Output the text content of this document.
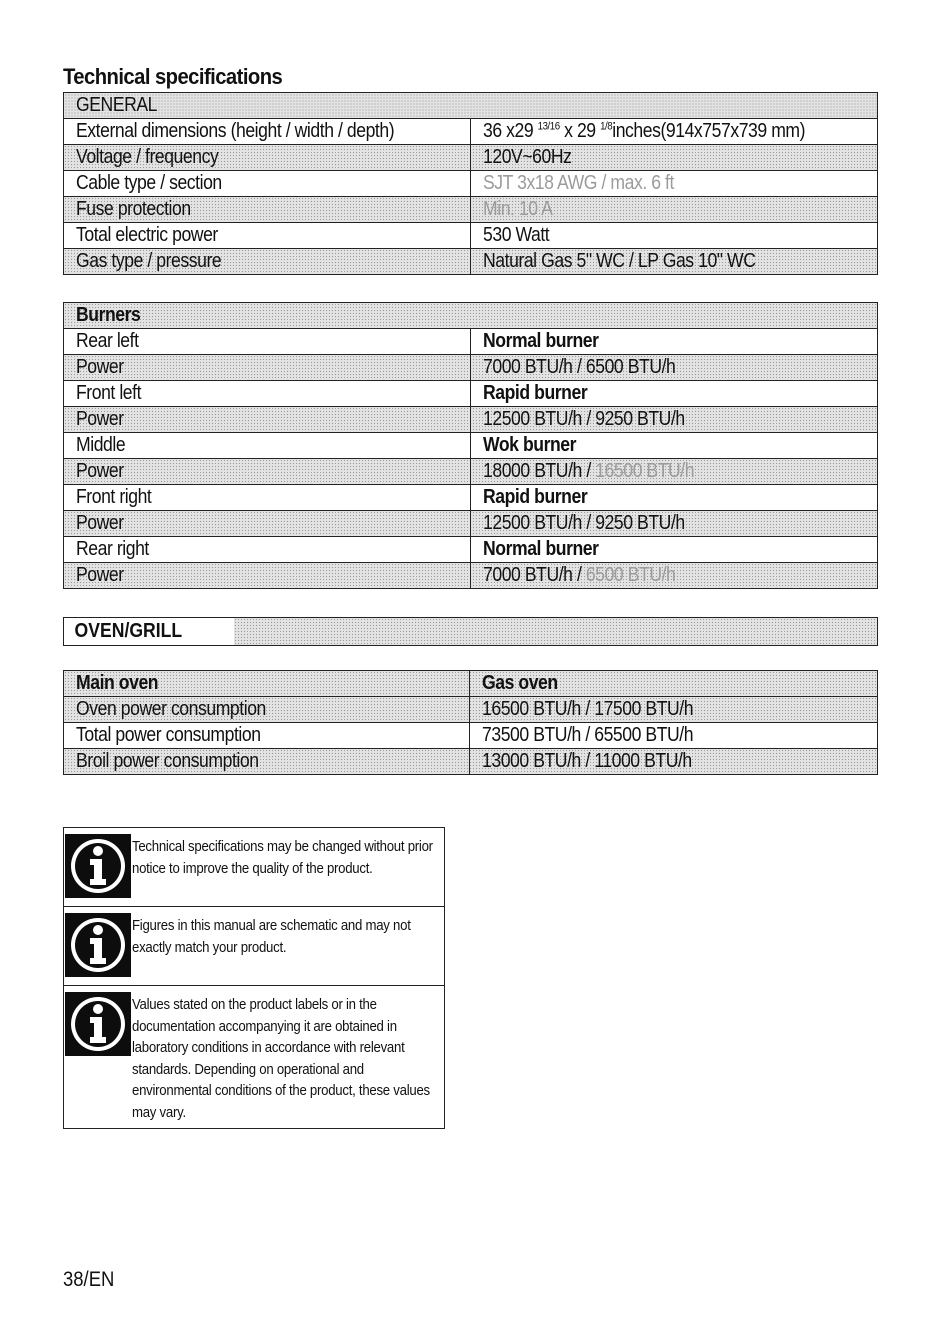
Technical specifications
GENERAL	
External dimensions (height / width / depth)	36 x29 $^{13/16}$ x 29 $^{1/8}$inches(914x757x739 mm)
Voltage / frequency	120V~60Hz
Cable type / section	SJT 3x18 AWG / max. 6 ft
Fuse protection	Min. 10 A
Total electric power	530 Watt
Gas type / pressure	Natural Gas 5" WC / LP Gas 10" WC
Burners	
Rear left	Normal burner
Power	7000 BTU/h / 6500 BTU/h
Front left	Rapid burner
Power	12500 BTU/h / 9250 BTU/h
Middle	Wok burner
Power	18000 BTU/h / 16500 BTU/h
Front right	Rapid burner
Power	12500 BTU/h / 9250 BTU/h
Rear right	Normal burner
Power	7000 BTU/h / 6500 BTU/h
OVEN/GRILL
Main oven	Gas oven
Oven power consumption	16500 BTU/h / 17500 BTU/h
Total power consumption	73500 BTU/h / 65500 BTU/h
Broil power consumption	13000 BTU/h / 11000 BTU/h
Technical specifications may be changed without prior notice to improve the quality of the product.
Figures in this manual are schematic and may not exactly match your product.
Values stated on the product labels or in the documentation accompanying it are obtained in laboratory conditions in accordance with relevant standards. Depending on operational and environmental conditions of the product, these values may vary.
38/EN
